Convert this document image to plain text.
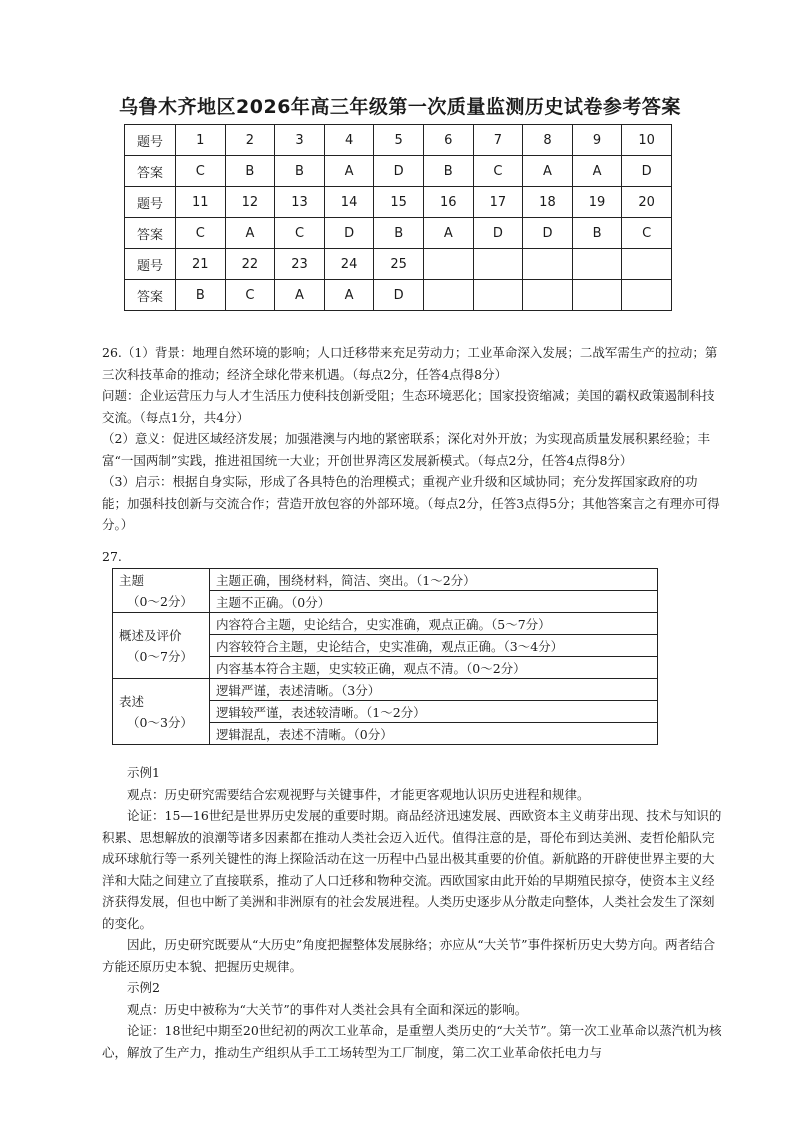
乌鲁木齐地区2026年高三年级第一次质量监测历史试卷参考答案
题号	1	2	3	4	5	6	7	8	9	10
答案	C	B	B	A	D	B	C	A	A	D
题号	11	12	13	14	15	16	17	18	19	20
答案	C	A	C	D	B	A	D	D	B	C
题号	21	22	23	24	25					
答案	B	C	A	A	D					

26.（1）背景：地理自然环境的影响；人口迁移带来充足劳动力；工业革命深入发展；二战军需生产的拉动；第三次科技革命的推动；经济全球化带来机遇。（每点2分，任答4点得8分）

问题：企业运营压力与人才生活压力使科技创新受阻；生态环境恶化；国家投资缩减；美国的霸权政策遏制科技交流。（每点1分，共4分）

（2）意义：促进区域经济发展；加强港澳与内地的紧密联系；深化对外开放；为实现高质量发展积累经验；丰富“一国两制”实践，推进祖国统一大业；开创世界湾区发展新模式。（每点2分，任答4点得8分）

（3）启示：根据自身实际，形成了各具特色的治理模式；重视产业升级和区域协同；充分发挥国家政府的功能；加强科技创新与交流合作；营造开放包容的外部环境。（每点2分，任答3点得5分；其他答案言之有理亦可得分。）

27.
主题
（0～2分）	主题正确，围绕材料，简洁、突出。（1～2分）
	主题不正确。（0分）

概述及评价
（0～7分）	内容符合主题，史论结合，史实准确，观点正确。（5～7分）
	内容较符合主题，史论结合，史实准确，观点正确。（3～4分）
	内容基本符合主题，史实较正确，观点不清。（0～2分）

表述
（0～3分）	逻辑严谨，表述清晰。（3分）
	逻辑较严谨，表述较清晰。（1～2分）
	逻辑混乱，表述不清晰。（0分）

示例1

观点：历史研究需要结合宏观视野与关键事件，才能更客观地认识历史进程和规律。

论证：15—16世纪是世界历史发展的重要时期。商品经济迅速发展、西欧资本主义萌芽出现、技术与知识的积累、思想解放的浪潮等诸多因素都在推动人类社会迈入近代。值得注意的是，哥伦布到达美洲、麦哲伦船队完成环球航行等一系列关键性的海上探险活动在这一历程中凸显出极其重要的价值。新航路的开辟使世界主要的大洋和大陆之间建立了直接联系，推动了人口迁移和物种交流。西欧国家由此开始的早期殖民掠夺，使资本主义经济获得发展，但也中断了美洲和非洲原有的社会发展进程。人类历史逐步从分散走向整体，人类社会发生了深刻的变化。

因此，历史研究既要从“大历史”角度把握整体发展脉络；亦应从“大关节”事件探析历史大势方向。两者结合方能还原历史本貌、把握历史规律。

示例2

观点：历史中被称为“大关节”的事件对人类社会具有全面和深远的影响。

论证：18世纪中期至20世纪初的两次工业革命，是重塑人类历史的“大关节”。第一次工业革命以蒸汽机为核心，解放了生产力，推动生产组织从手工工场转型为工厂制度，第二次工业革命依托电力与
